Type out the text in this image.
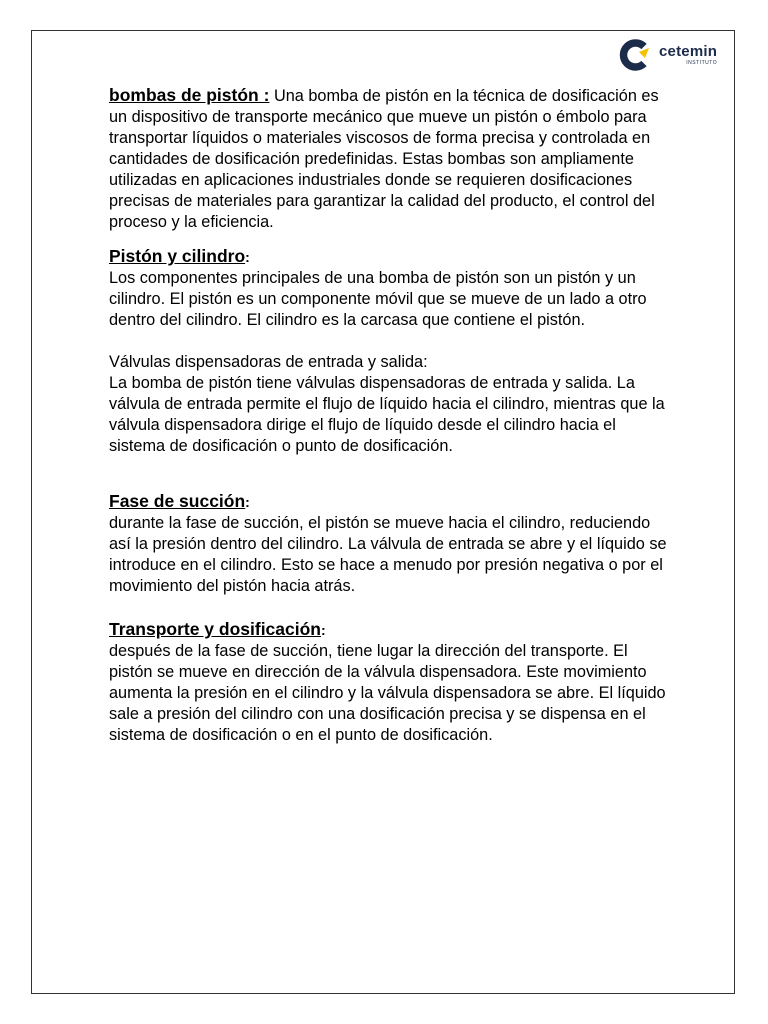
cetemin
INSTITUTO

bombas de pistón : Una bomba de pistón en la técnica de dosificación es un dispositivo de transporte mecánico que mueve un pistón o émbolo para transportar líquidos o materiales viscosos de forma precisa y controlada en cantidades de dosificación predefinidas. Estas bombas son ampliamente utilizadas en aplicaciones industriales donde se requieren dosificaciones precisas de materiales para garantizar la calidad del producto, el control del proceso y la eficiencia.

Pistón y cilindro:

Los componentes principales de una bomba de pistón son un pistón y un cilindro. El pistón es un componente móvil que se mueve de un lado a otro dentro del cilindro. El cilindro es la carcasa que contiene el pistón.

Válvulas dispensadoras de entrada y salida:

La bomba de pistón tiene válvulas dispensadoras de entrada y salida. La válvula de entrada permite el flujo de líquido hacia el cilindro, mientras que la válvula dispensadora dirige el flujo de líquido desde el cilindro hacia el sistema de dosificación o punto de dosificación.

Fase de succión:

durante la fase de succión, el pistón se mueve hacia el cilindro, reduciendo así la presión dentro del cilindro. La válvula de entrada se abre y el líquido se introduce en el cilindro. Esto se hace a menudo por presión negativa o por el movimiento del pistón hacia atrás.

Transporte y dosificación:

después de la fase de succión, tiene lugar la dirección del transporte. El pistón se mueve en dirección de la válvula dispensadora. Este movimiento aumenta la presión en el cilindro y la válvula dispensadora se abre. El líquido sale a presión del cilindro con una dosificación precisa y se dispensa en el sistema de dosificación o en el punto de dosificación.
